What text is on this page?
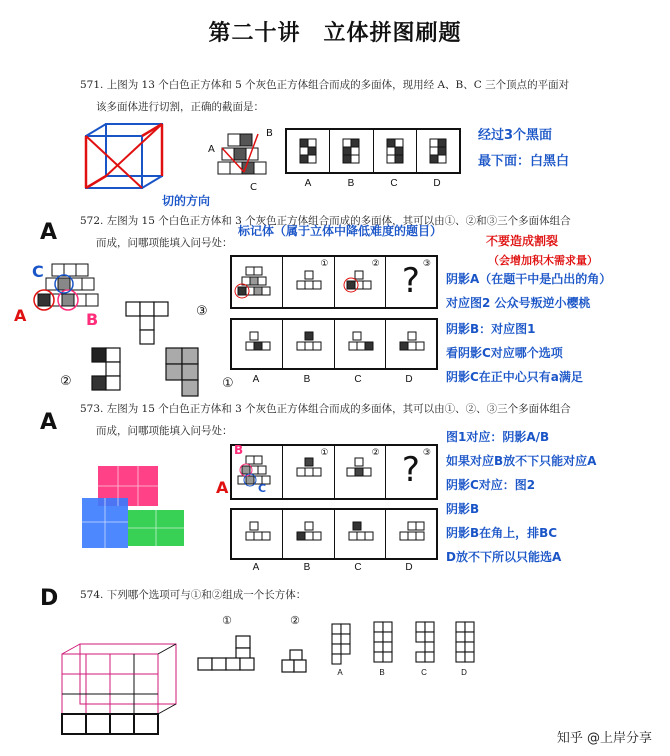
第二十讲　立体拼图刷题
571. 上图为 13 个白色正方体和 5 个灰色正方体组合而成的多面体，现用经 A、B、C 三个顶点的平面对
该多面体进行切割，正确的截面是：
切的方向
A
B
C	A	B	C	D
经过3个黑面
最下面：白黑白
A 572. 左图为 15 个白色正方体和 3 个灰色正方体组合而成的多面体，其可以由①、②和③三个多面体组合
而成，问哪项能填入问号处：
标记体（属于立体中降低难度的题目）
不要造成割裂
（会增加积木需求量）
A	B
C
③
②	①
①	②	③
?
A	B	C	D
阴影A（在题干中是凸出的角）
对应图2 公众号叛逆小樱桃
阴影B：对应图1
看阴影C对应哪个选项
阴影C在正中心只有a满足
A
573. 左图为 15 个白色正方体和 3 个灰色正方体组合而成的多面体，其可以由①、②、③三个多面体组合
而成，问哪项能填入问号处：
①	②	③
?
B
A	C
A	B	C	D
图1对应：阴影A/B
如果对应B放不下只能对应A
阴影C对应：图2
阴影B
阴影B在角上，排BC
D放不下所以只能选A
D 574. 下列哪个选项可与①和②组成一个长方体：
①	②
A	B	C	D
知乎 @上岸分享
